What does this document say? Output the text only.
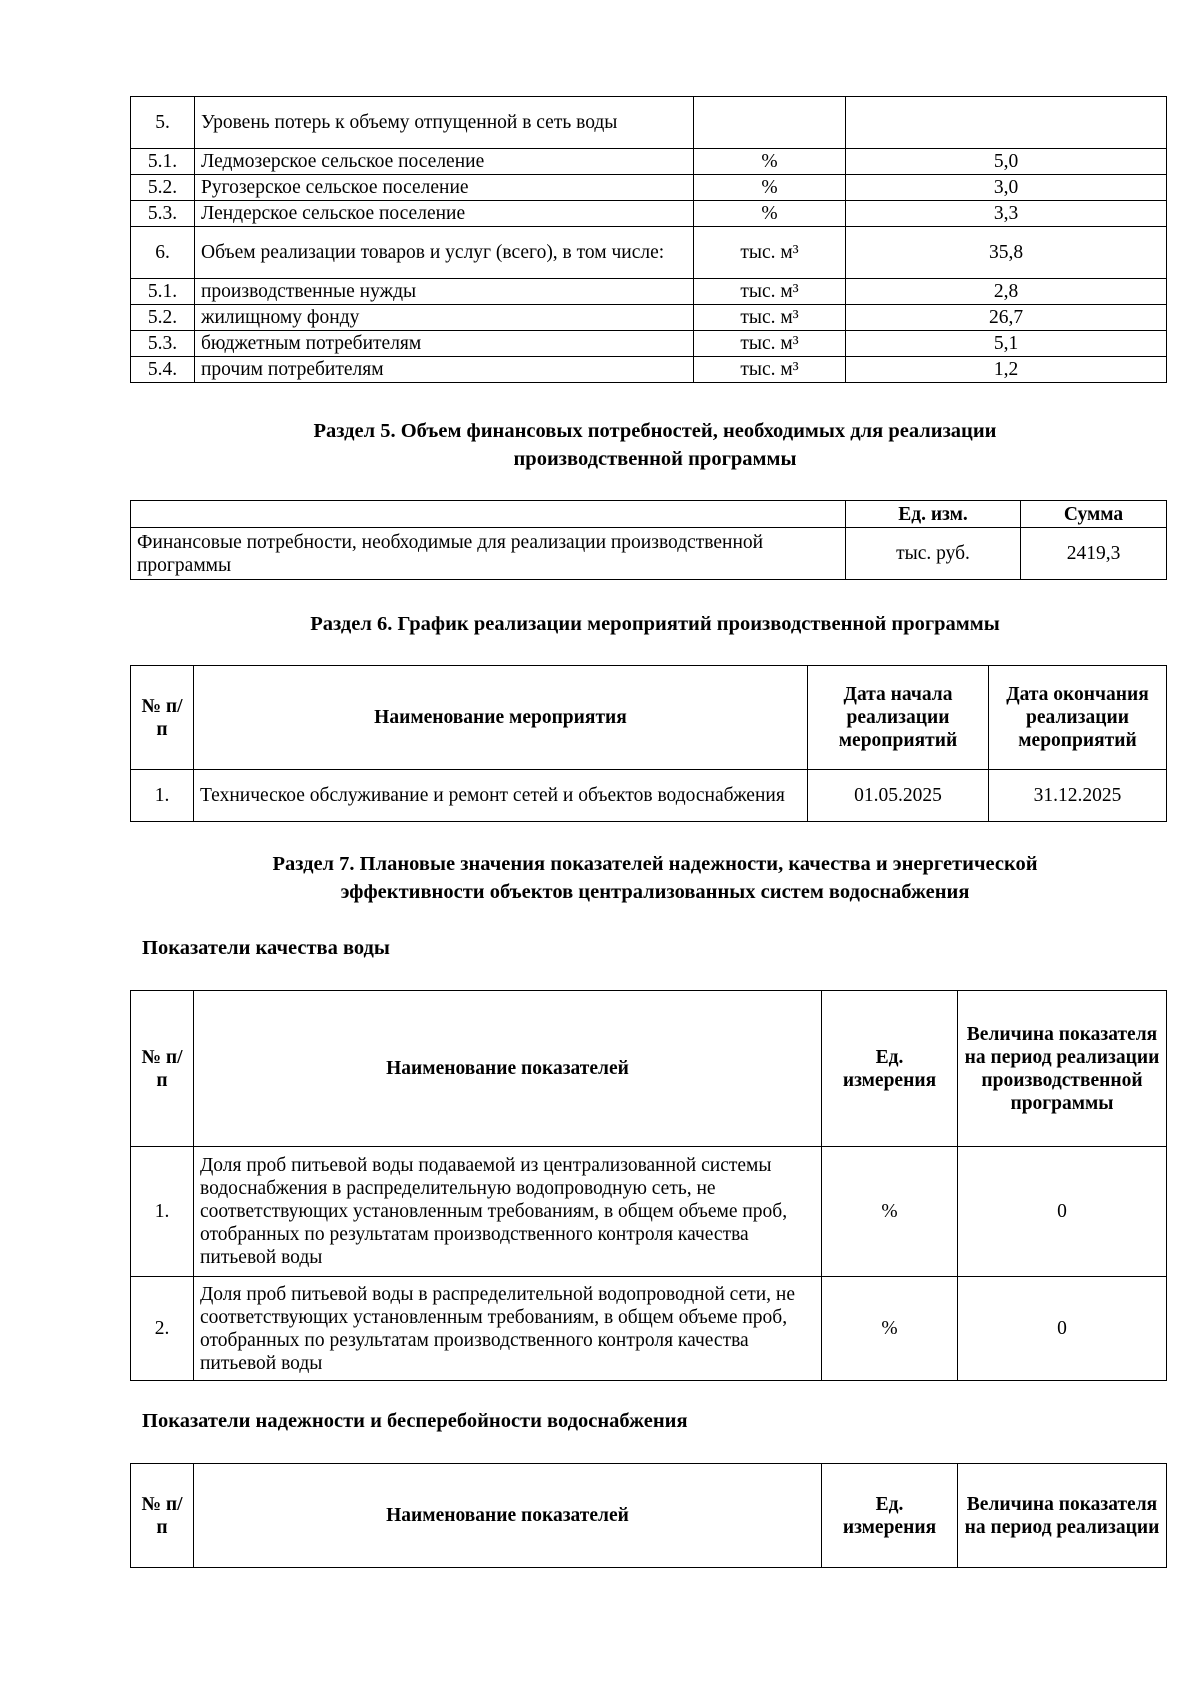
5.	Уровень потерь к объему отпущенной в сеть воды		
5.1.	Ледмозерское сельское поселение	%	5,0
5.2.	Ругозерское сельское поселение	%	3,0
5.3.	Лендерское сельское поселение	%	3,3
6.	Объем реализации товаров и услуг (всего), в том числе:	тыс. м³	35,8
5.1.	производственные нужды	тыс. м³	2,8
5.2.	жилищному фонду	тыс. м³	26,7
5.3.	бюджетным потребителям	тыс. м³	5,1
5.4.	прочим потребителям	тыс. м³	1,2
Раздел 5. Объем финансовых потребностей, необходимых для реализации
производственной программы
	Ед. изм.	Сумма
Финансовые потребности, необходимые для реализации производственной программы	тыс. руб.	2419,3
Раздел 6. График реализации мероприятий производственной программы
№ п/п	Наименование мероприятия	Дата начала реализации мероприятий	Дата окончания реализации мероприятий
1.	Техническое обслуживание и ремонт сетей и объектов водоснабжения	01.05.2025	31.12.2025
Раздел 7. Плановые значения показателей надежности, качества и энергетической
эффективности объектов централизованных систем водоснабжения
Показатели качества воды
№ п/п	Наименование показателей	Ед. измерения	Величина показателя на период реализации производственной программы
1.	Доля проб питьевой воды подаваемой из централизованной системы водоснабжения в распределительную водопроводную сеть, не соответствующих установленным требованиям, в общем объеме проб, отобранных по результатам производственного контроля качества питьевой воды	%	0
2.	Доля проб питьевой воды в распределительной водопроводной сети, не соответствующих установленным требованиям, в общем объеме проб, отобранных по результатам производственного контроля качества питьевой воды	%	0
Показатели надежности и бесперебойности водоснабжения
№ п/п	Наименование показателей	Ед. измерения	Величина показателя на период реализации
